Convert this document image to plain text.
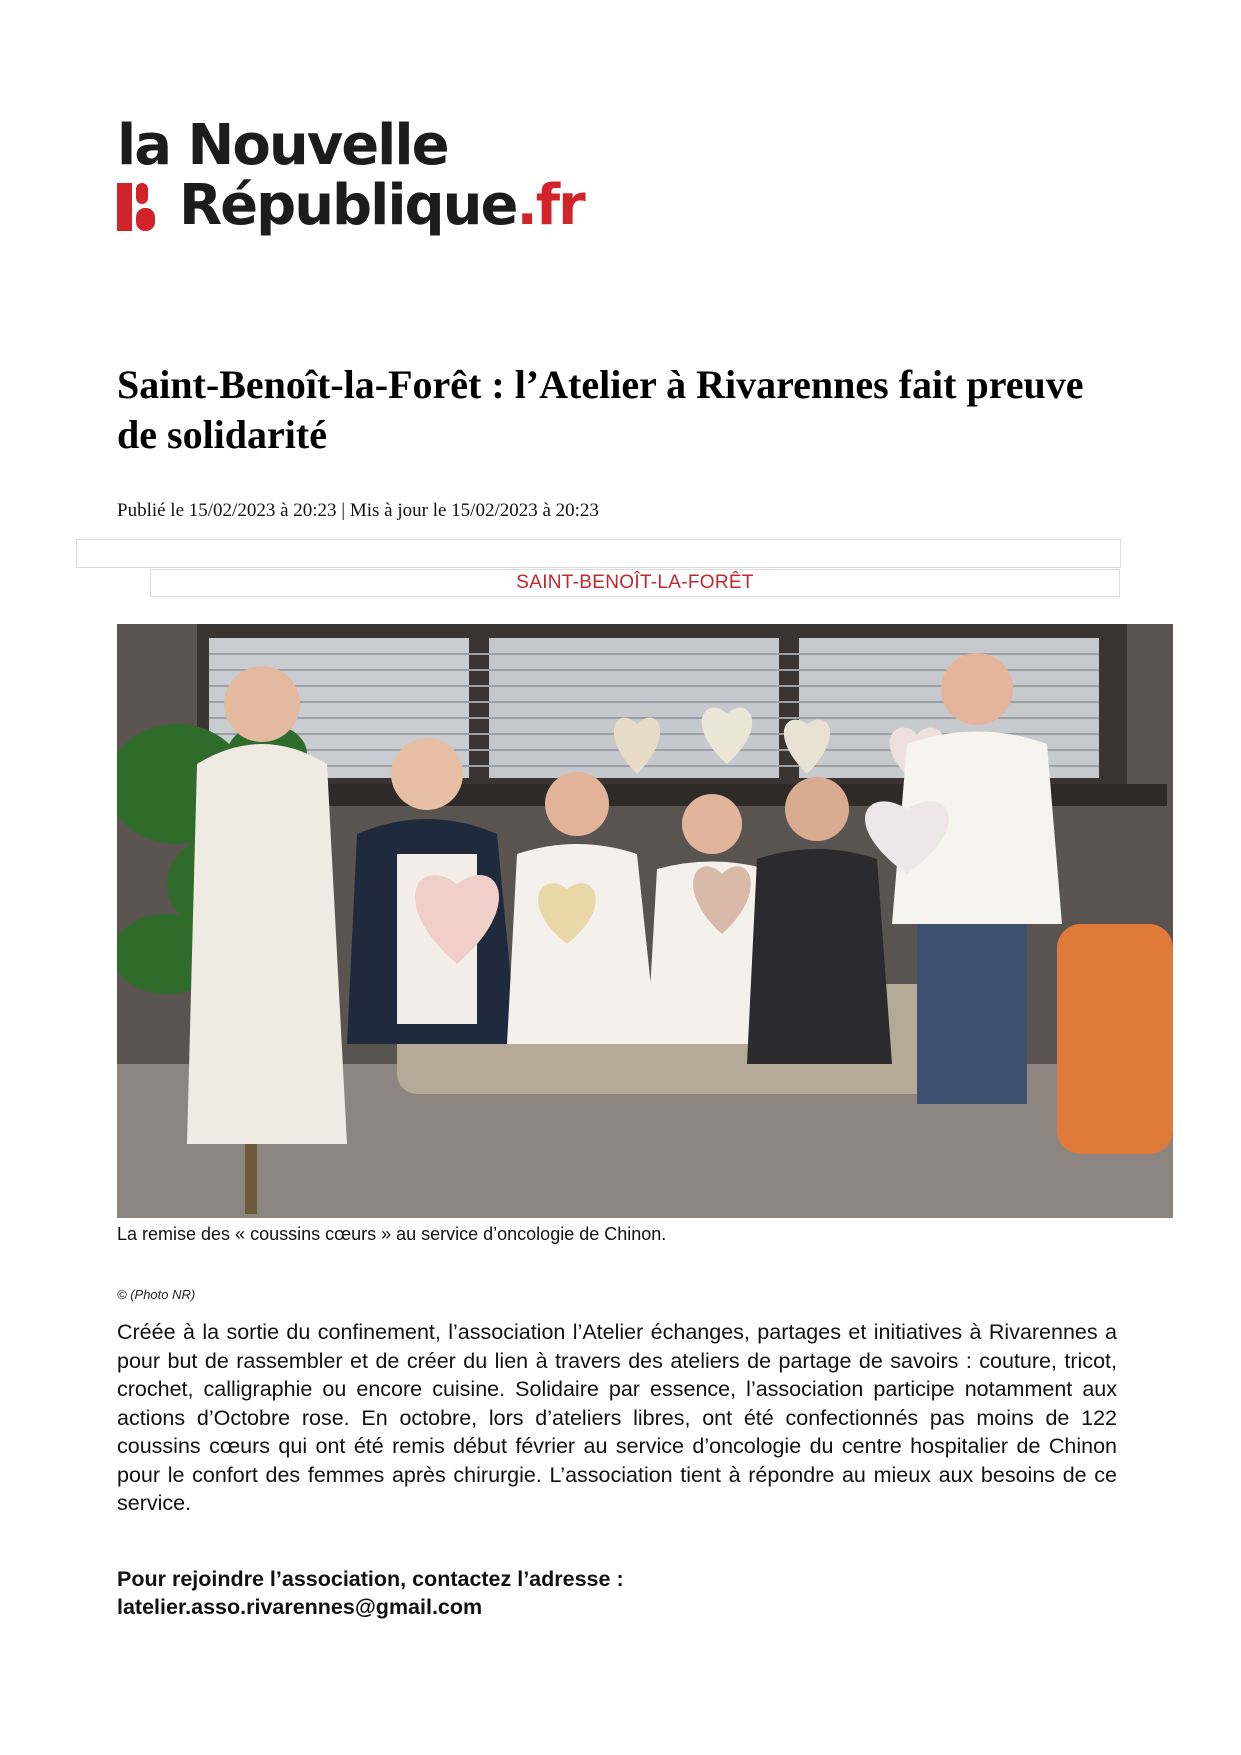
la Nouvelle
République.fr
Saint-Benoît-la-Forêt : l’Atelier à Rivarennes fait preuve de solidarité
Publié le 15/02/2023 à 20:23 | Mis à jour le 15/02/2023 à 20:23
SAINT-BENOÎT-LA-FORÊT
La remise des « coussins cœurs » au service d’oncologie de Chinon.
© (Photo NR)

Créée à la sortie du confinement, l’association l’Atelier échanges, partages et initiatives à Rivarennes a pour but de rassembler et de créer du lien à travers des ateliers de partage de savoirs : couture, tricot, crochet, calligraphie ou encore cuisine. Solidaire par essence, l’association participe notamment aux actions d’Octobre rose. En octobre, lors d’ateliers libres, ont été confectionnés pas moins de 122 coussins cœurs qui ont été remis début février au service d’oncologie du centre hospitalier de Chinon pour le confort des femmes après chirurgie. L’association tient à répondre au mieux aux besoins de ce service.

Pour rejoindre l’association, contactez l’adresse :
latelier.asso.rivarennes@gmail.com
